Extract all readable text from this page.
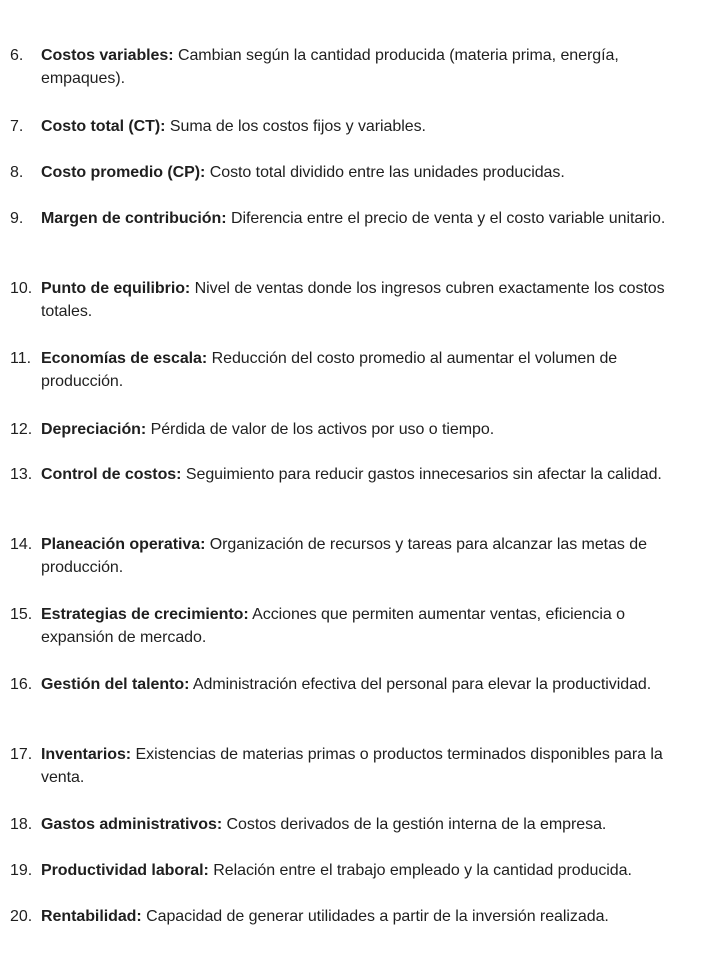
6.	Costos variables: Cambian según la cantidad producida (materia prima, energía, empaques).
7.	Costo total (CT): Suma de los costos fijos y variables.
8.	Costo promedio (CP): Costo total dividido entre las unidades producidas.
9.	Margen de contribución: Diferencia entre el precio de venta y el costo variable unitario.
10. Punto de equilibrio: Nivel de ventas donde los ingresos cubren exactamente los costos totales.
11. Economías de escala: Reducción del costo promedio al aumentar el volumen de producción.
12. Depreciación: Pérdida de valor de los activos por uso o tiempo.
13. Control de costos: Seguimiento para reducir gastos innecesarios sin afectar la calidad.
14. Planeación operativa: Organización de recursos y tareas para alcanzar las metas de producción.
15. Estrategias de crecimiento: Acciones que permiten aumentar ventas, eficiencia o expansión de mercado.
16. Gestión del talento: Administración efectiva del personal para elevar la productividad.
17. Inventarios: Existencias de materias primas o productos terminados disponibles para la venta.
18. Gastos administrativos: Costos derivados de la gestión interna de la empresa.
19. Productividad laboral: Relación entre el trabajo empleado y la cantidad producida.
20. Rentabilidad: Capacidad de generar utilidades a partir de la inversión realizada.
